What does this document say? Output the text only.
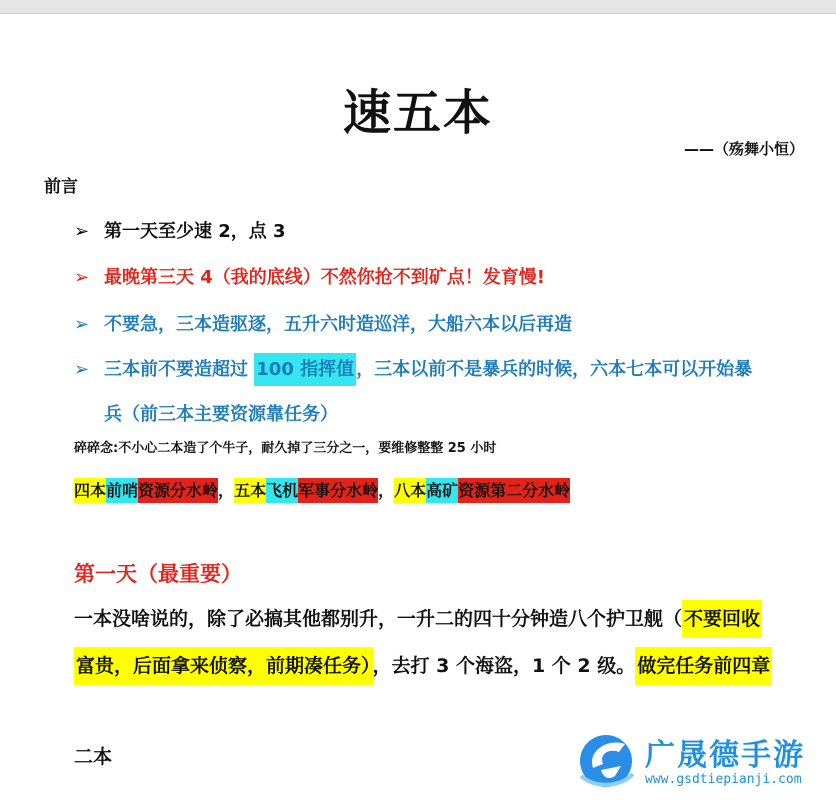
速五本
——（殇舞小恒）
前言
➢ 第一天至少速 2，点 3
➢ 最晚第三天 4（我的底线）不然你抢不到矿点！发育慢!
➢ 不要急，三本造驱逐，五升六时造巡洋，大船六本以后再造
➢ 三本前不要造超过 100 指挥值 ，三本以前不是暴兵的时候，六本七本可以开始暴
兵（前三本主要资源靠任务）
碎碎念:不小心二本造了个牛子，耐久掉了三分之一，要维修整整 25 小时
四本前哨资源分水岭，五本飞机军事分水岭，八本高矿资源第二分水岭
第一天（最重要）
一本没啥说的，除了必搞其他都别升，一升二的四十分钟造八个护卫舰（ 不要回收
富贵，后面拿来侦察，前期凑任务） ，去打 3 个海盗，1 个 2 级。 做完任务前四章
二本	广晟德手游
www.gsdtiepianji.com
